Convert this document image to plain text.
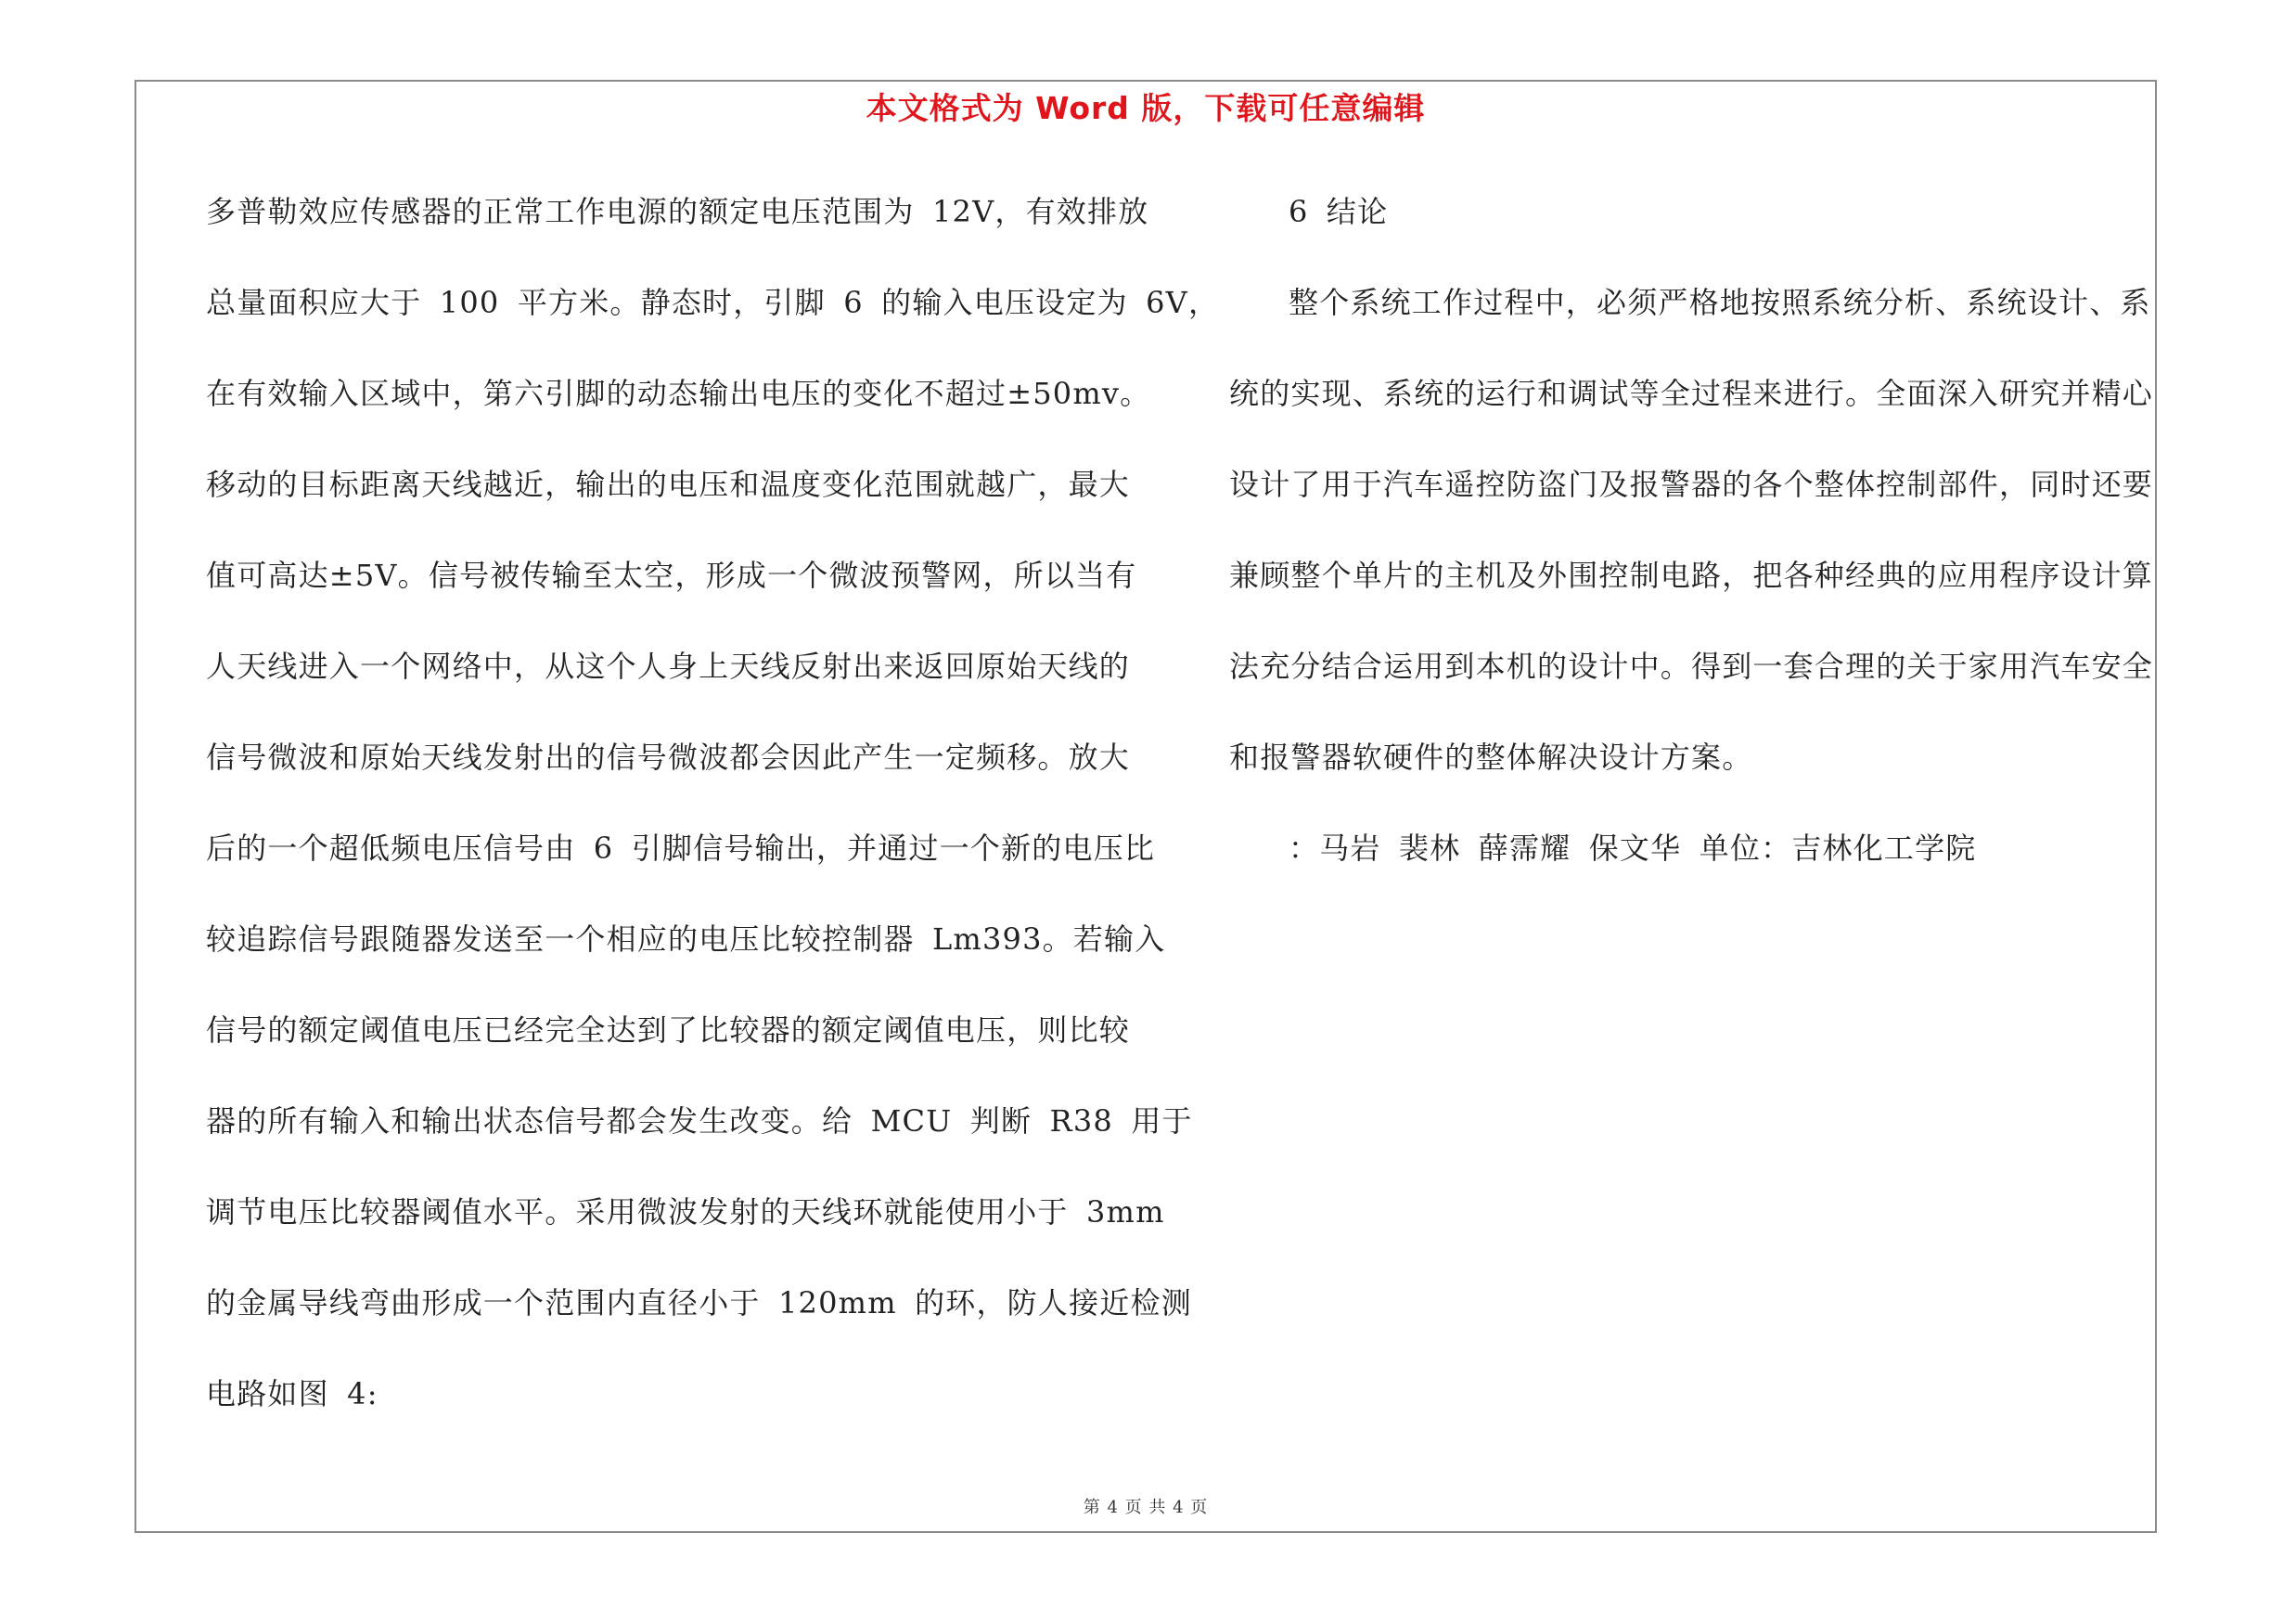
本文格式为 Word 版，下载可任意编辑
多普勒效应传感器的正常工作电源的额定电压范围为 12V，有效排放
总量面积应大于 100 平方米。静态时，引脚 6 的输入电压设定为 6V，
在有效输入区域中，第六引脚的动态输出电压的变化不超过±50mv。
移动的目标距离天线越近，输出的电压和温度变化范围就越广，最大
值可高达±5V。信号被传输至太空，形成一个微波预警网，所以当有
人天线进入一个网络中，从这个人身上天线反射出来返回原始天线的
信号微波和原始天线发射出的信号微波都会因此产生一定频移。放大
后的一个超低频电压信号由 6 引脚信号输出，并通过一个新的电压比
较追踪信号跟随器发送至一个相应的电压比较控制器 Lm393。若输入
信号的额定阈值电压已经完全达到了比较器的额定阈值电压，则比较
器的所有输入和输出状态信号都会发生改变。给 MCU 判断 R38 用于
调节电压比较器阈值水平。采用微波发射的天线环就能使用小于 3mm
的金属导线弯曲形成一个范围内直径小于 120mm 的环，防人接近检测
电路如图 4:
6 结论
整个系统工作过程中，必须严格地按照系统分析、系统设计、系
统的实现、系统的运行和调试等全过程来进行。全面深入研究并精心
设计了用于汽车遥控防盗门及报警器的各个整体控制部件，同时还要
兼顾整个单片的主机及外围控制电路，把各种经典的应用程序设计算
法充分结合运用到本机的设计中。得到一套合理的关于家用汽车安全
和报警器软硬件的整体解决设计方案。
：马岩 裴林 薛霈耀 保文华 单位：吉林化工学院
第 4 页 共 4 页
